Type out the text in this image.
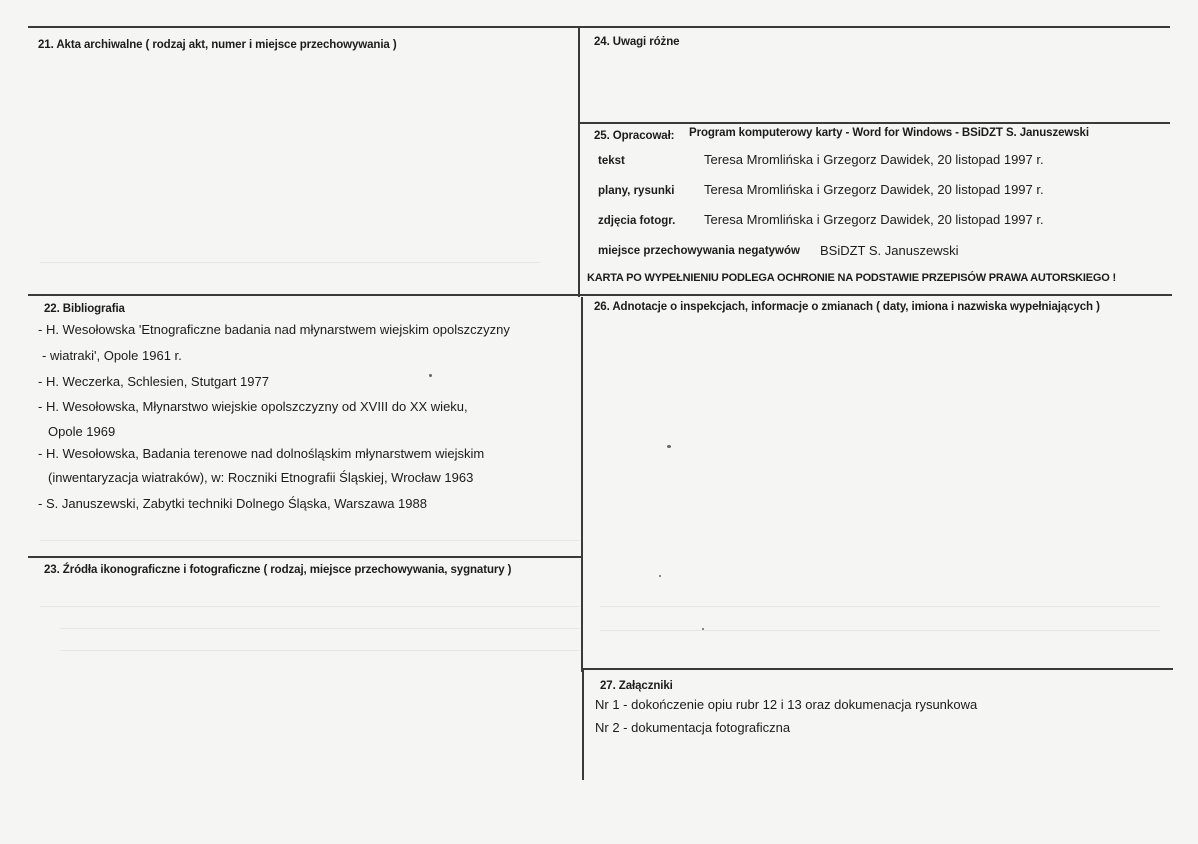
21. Akta archiwalne ( rodzaj akt, numer i miejsce przechowywania )	24. Uwagi różne
25. Opracował: Program komputerowy karty - Word for Windows - BSiDZT S. Januszewski
tekst	Teresa Mromlińska i Grzegorz Dawidek, 20 listopad 1997 r.
plany, rysunki Teresa Mromlińska i Grzegorz Dawidek, 20 listopad 1997 r.
zdjęcia fotogr. Teresa Mromlińska i Grzegorz Dawidek, 20 listopad 1997 r.
miejsce przechowywania negatywów BSiDZT S. Januszewski
KARTA PO WYPEŁNIENIU PODLEGA OCHRONIE NA PODSTAWIE PRZEPISÓW PRAWA AUTORSKIEGO !
22. Bibliografia
- H. Wesołowska 'Etnograficzne badania nad młynarstwem wiejskim opolszczyzny
- wiatraki', Opole 1961 r.
- H. Weczerka, Schlesien, Stutgart 1977
- H. Wesołowska, Młynarstwo wiejskie opolszczyzny od XVIII do XX wieku,
Opole 1969
- H. Wesołowska, Badania terenowe nad dolnośląskim młynarstwem wiejskim
(inwentaryzacja wiatraków), w: Roczniki Etnografii Śląskiej, Wrocław 1963
- S. Januszewski, Zabytki techniki Dolnego Śląska, Warszawa 1988
23. Źródła ikonograficzne i fotograficzne ( rodzaj, miejsce przechowywania, sygnatury )
26. Adnotacje o inspekcjach, informacje o zmianach ( daty, imiona i nazwiska wypełniających )
27. Załączniki
Nr 1 - dokończenie opiu rubr 12 i 13 oraz dokumenacja rysunkowa
Nr 2 - dokumentacja fotograficzna
